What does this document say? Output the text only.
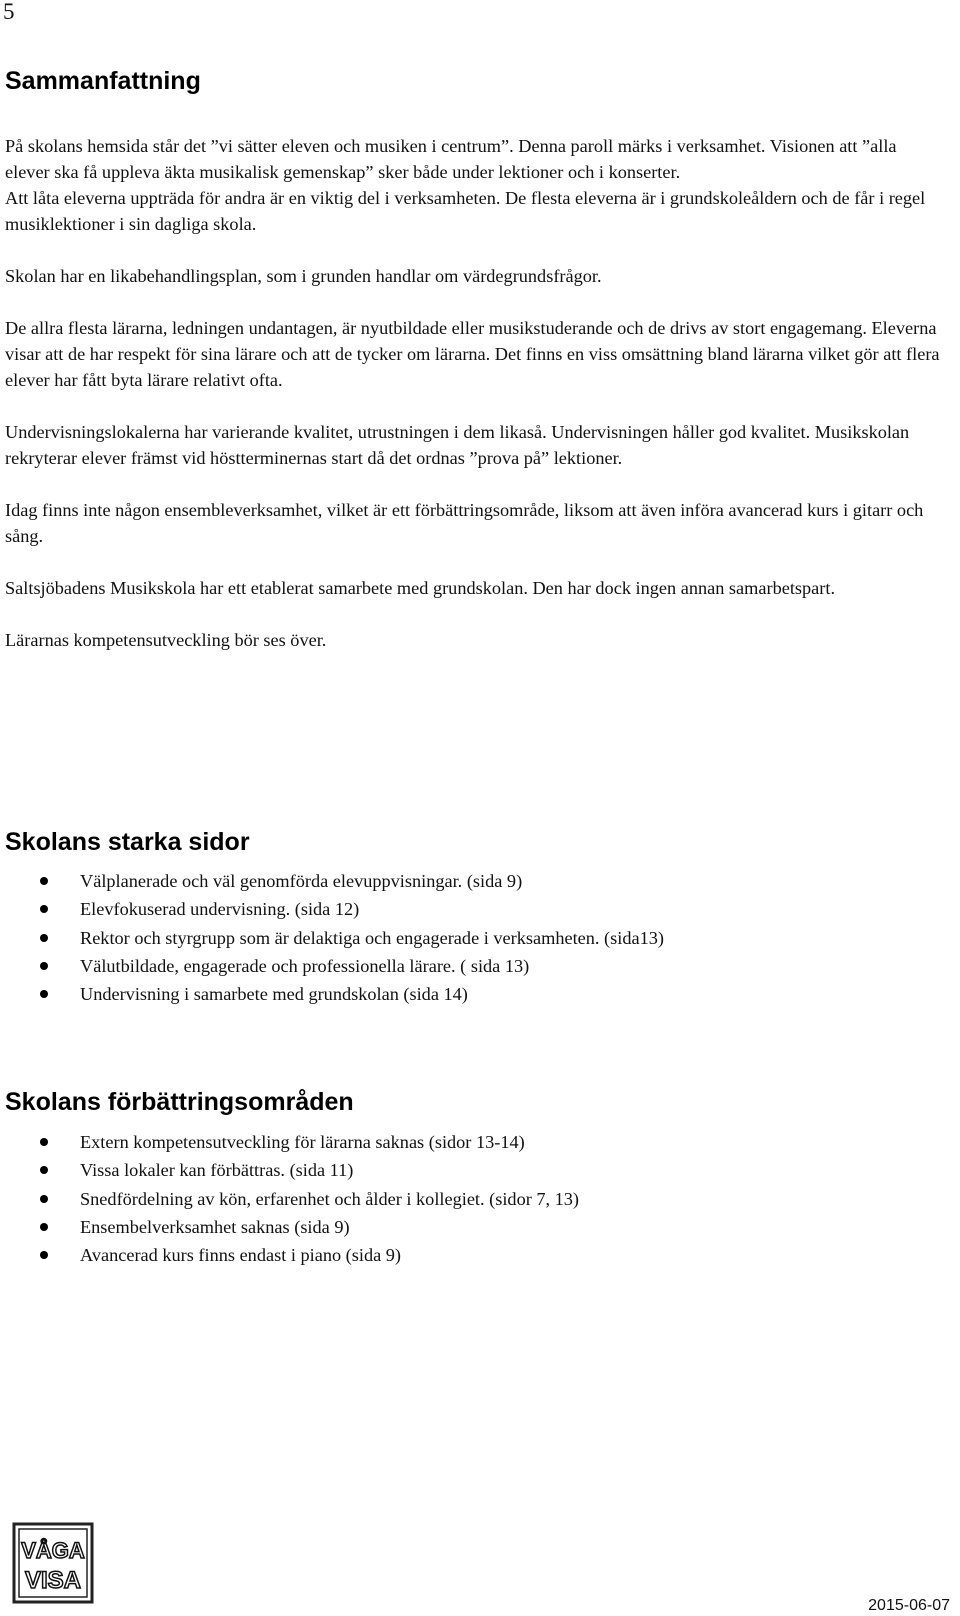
5
Sammanfattning

På skolans hemsida står det ”vi sätter eleven och musiken i centrum”. Denna paroll märks i verksamhet. Visionen att ”alla elever ska få uppleva äkta musikalisk gemenskap” sker både under lektioner och i konserter.

Att låta eleverna uppträda för andra är en viktig del i verksamheten. De flesta eleverna är i grundskoleåldern och de får i regel musiklektioner i sin dagliga skola.

Skolan har en likabehandlingsplan, som i grunden handlar om värdegrundsfrågor.

De allra flesta lärarna, ledningen undantagen, är nyutbildade eller musikstuderande och de drivs av stort engagemang. Eleverna visar att de har respekt för sina lärare och att de tycker om lärarna. Det finns en viss omsättning bland lärarna vilket gör att flera elever har fått byta lärare relativt ofta.

Undervisningslokalerna har varierande kvalitet, utrustningen i dem likaså. Undervisningen håller god kvalitet. Musikskolan rekryterar elever främst vid höstterminernas start då det ordnas ”prova på” lektioner.

Idag finns inte någon ensembleverksamhet, vilket är ett förbättringsområde, liksom att även införa avancerad kurs i gitarr och sång.

Saltsjöbadens Musikskola har ett etablerat samarbete med grundskolan. Den har dock ingen annan samarbetspart.

Lärarnas kompetensutveckling bör ses över.

Skolans starka sidor
Välplanerade och väl genomförda elevuppvisningar. (sida 9)
Elevfokuserad undervisning. (sida 12)
Rektor och styrgrupp som är delaktiga och engagerade i verksamheten. (sida13)
Välutbildade, engagerade och professionella lärare. ( sida 13)
Undervisning i samarbete med grundskolan (sida 14)
Skolans förbättringsområden
Extern kompetensutveckling för lärarna saknas (sidor 13-14)
Vissa lokaler kan förbättras. (sida 11)
Snedfördelning av kön, erfarenhet och ålder i kollegiet. (sidor 7, 13)
Ensembelverksamhet saknas (sida 9)
Avancerad kurs finns endast i piano (sida 9)
VÅGA
VISA
2015-06-07
